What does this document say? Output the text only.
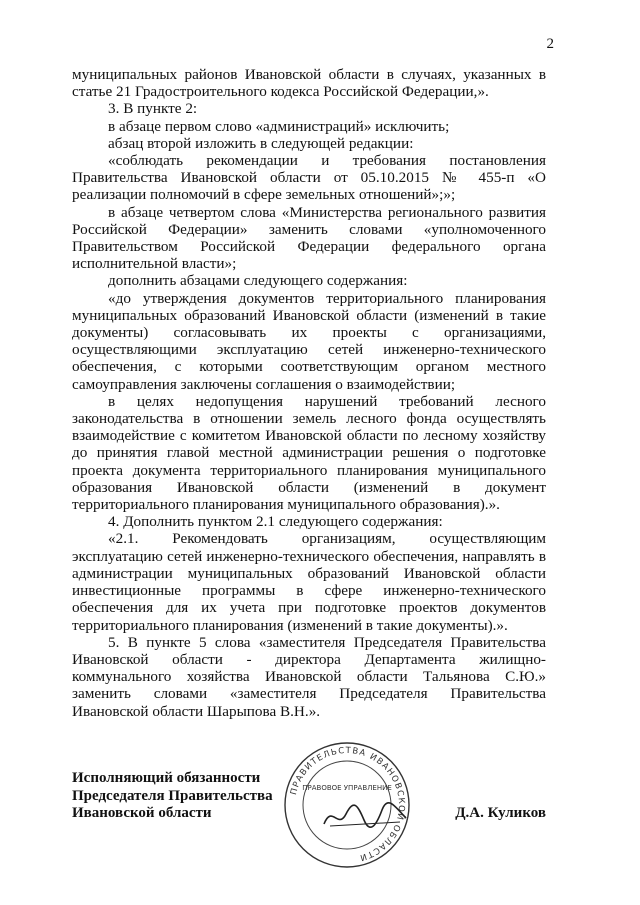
2

муниципальных районов Ивановской области в случаях, указанных в статье 21 Градостроительного кодекса Российской Федерации,».

3. В пункте 2:

в абзаце первом слово «администраций» исключить;

абзац второй изложить в следующей редакции:

«соблюдать рекомендации и требования постановления Правительства Ивановской области от 05.10.2015 № 455-п «О реализации полномочий в сфере земельных отношений»;»;

в абзаце четвертом слова «Министерства регионального развития Российской Федерации» заменить словами «уполномоченного Правительством Российской Федерации федерального органа исполнительной власти»;

дополнить абзацами следующего содержания:

«до утверждения документов территориального планирования муниципальных образований Ивановской области (изменений в такие документы) согласовывать их проекты с организациями, осуществляющими эксплуатацию сетей инженерно-технического обеспечения, с которыми соответствующим органом местного самоуправления заключены соглашения о взаимодействии;

в целях недопущения нарушений требований лесного законодательства в отношении земель лесного фонда осуществлять взаимодействие с комитетом Ивановской области по лесному хозяйству до принятия главой местной администрации решения о подготовке проекта документа территориального планирования муниципального образования Ивановской области (изменений в документ территориального планирования муниципального образования).».

4. Дополнить пунктом 2.1 следующего содержания:

«2.1. Рекомендовать организациям, осуществляющим эксплуатацию сетей инженерно-технического обеспечения, направлять в администрации муниципальных образований Ивановской области инвестиционные программы в сфере инженерно-технического обеспечения для их учета при подготовке проектов документов территориального планирования (изменений в такие документы).».

5. В пункте 5 слова «заместителя Председателя Правительства Ивановской области - директора Департамента жилищно-коммунального хозяйства Ивановской области Тальянова С.Ю.» заменить словами «заместителя Председателя Правительства Ивановской области Шарыпова В.Н.».

ПРАВИТЕЛЬСТВА ИВАНОВСКОЙ ОБЛАСТИ
ПРАВОВОЕ УПРАВЛЕНИЕ
Исполняющий обязанности
Председателя Правительства
Ивановской области	Д.А. Куликов
